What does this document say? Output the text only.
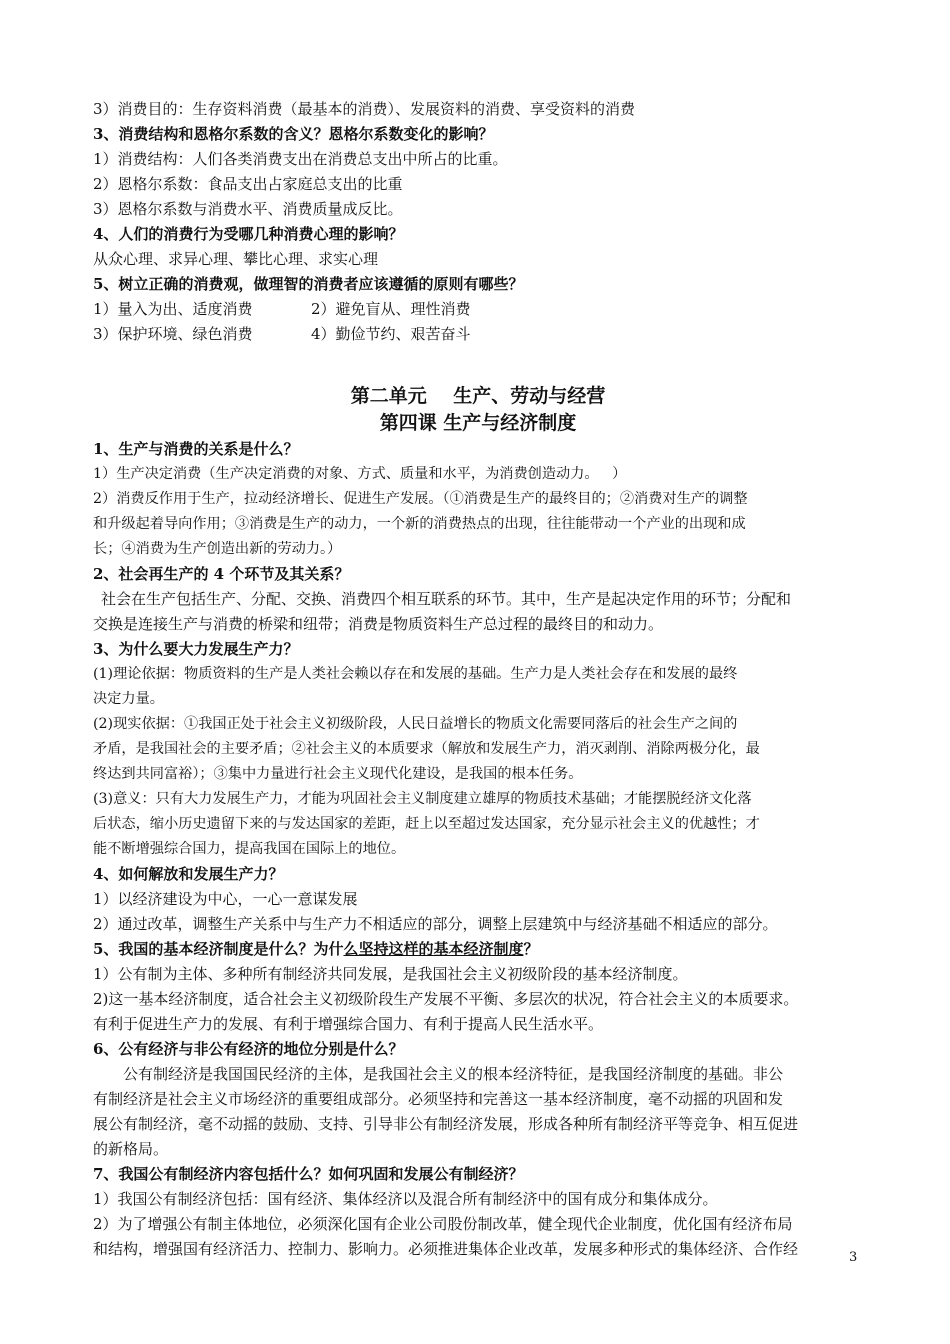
3）消费目的：生存资料消费（最基本的消费）、发展资料的消费、享受资料的消费
3、消费结构和恩格尔系数的含义？恩格尔系数变化的影响？
1）消费结构：人们各类消费支出在消费总支出中所占的比重。
2）恩格尔系数：食品支出占家庭总支出的比重
3）恩格尔系数与消费水平、消费质量成反比。
4、人们的消费行为受哪几种消费心理的影响？
从众心理、求异心理、攀比心理、求实心理
5、树立正确的消费观，做理智的消费者应该遵循的原则有哪些？
1）量入为出、适度消费	2）避免盲从、理性消费
3）保护环境、绿色消费	4）勤俭节约、艰苦奋斗
第二单元    生产、劳动与经营
第四课 生产与经济制度
1、生产与消费的关系是什么？
1）生产决定消费（生产决定消费的对象、方式、质量和水平，为消费创造动力。   ）
2）消费反作用于生产，拉动经济增长、促进生产发展。（①消费是生产的最终目的；②消费对生产的调整
和升级起着导向作用；③消费是生产的动力，一个新的消费热点的出现，往往能带动一个产业的出现和成
长；④消费为生产创造出新的劳动力。）
2、社会再生产的 4 个环节及其关系？
社会在生产包括生产、分配、交换、消费四个相互联系的环节。其中，生产是起决定作用的环节；分配和
交换是连接生产与消费的桥梁和纽带；消费是物质资料生产总过程的最终目的和动力。
3、为什么要大力发展生产力？
(1)理论依据：物质资料的生产是人类社会赖以存在和发展的基础。生产力是人类社会存在和发展的最终
决定力量。
(2)现实依据：①我国正处于社会主义初级阶段，人民日益增长的物质文化需要同落后的社会生产之间的
矛盾，是我国社会的主要矛盾；②社会主义的本质要求（解放和发展生产力，消灭剥削、消除两极分化，最
终达到共同富裕）；③集中力量进行社会主义现代化建设，是我国的根本任务。
(3)意义：只有大力发展生产力，才能为巩固社会主义制度建立雄厚的物质技术基础；才能摆脱经济文化落
后状态，缩小历史遗留下来的与发达国家的差距，赶上以至超过发达国家，充分显示社会主义的优越性；才
能不断增强综合国力，提高我国在国际上的地位。
4、如何解放和发展生产力？
1）以经济建设为中心，一心一意谋发展
2）通过改革，调整生产关系中与生产力不相适应的部分，调整上层建筑中与经济基础不相适应的部分。
5、我国的基本经济制度是什么？为什么坚持这样的基本经济制度？
1）公有制为主体、多种所有制经济共同发展，是我国社会主义初级阶段的基本经济制度。
2)这一基本经济制度，适合社会主义初级阶段生产发展不平衡、多层次的状况，符合社会主义的本质要求。
有利于促进生产力的发展、有利于增强综合国力、有利于提高人民生活水平。
6、公有经济与非公有经济的地位分别是什么？
公有制经济是我国国民经济的主体，是我国社会主义的根本经济特征，是我国经济制度的基础。非公
有制经济是社会主义市场经济的重要组成部分。必须坚持和完善这一基本经济制度，毫不动摇的巩固和发
展公有制经济，毫不动摇的鼓励、支持、引导非公有制经济发展，形成各种所有制经济平等竞争、相互促进
的新格局。
7、我国公有制经济内容包括什么？如何巩固和发展公有制经济？
1）我国公有制经济包括：国有经济、集体经济以及混合所有制经济中的国有成分和集体成分。
2）为了增强公有制主体地位，必须深化国有企业公司股份制改革，健全现代企业制度，优化国有经济布局
和结构，增强国有经济活力、控制力、影响力。必须推进集体企业改革，发展多种形式的集体经济、合作经	3
